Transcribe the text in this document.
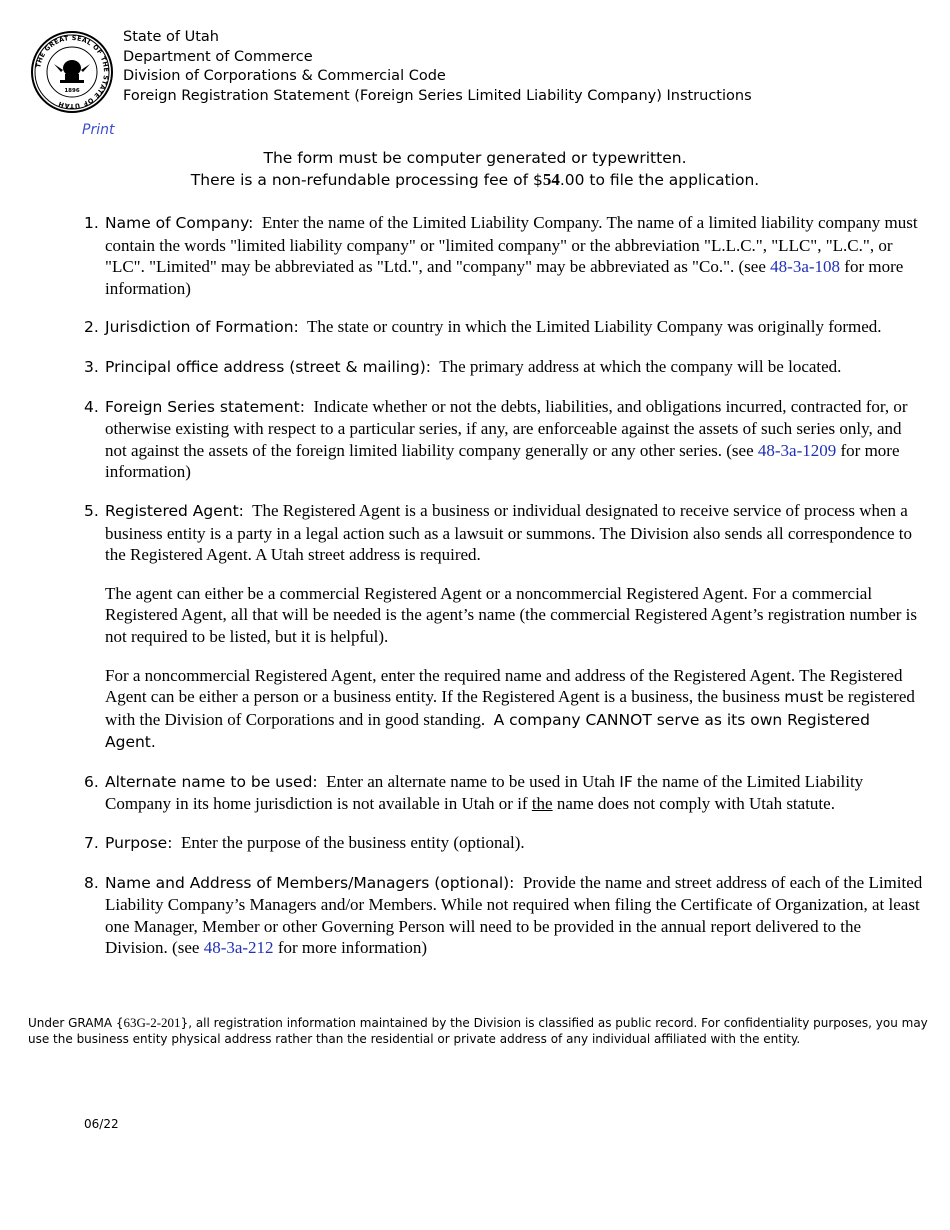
THE GREAT SEAL OF THE STATE OF UTAH
1896
State of Utah
Department of Commerce
Division of Corporations & Commercial Code
Foreign Registration Statement (Foreign Series Limited Liability Company) Instructions
Print
The form must be computer generated or typewritten.
There is a non-refundable processing fee of $54.00 to file the application.
1. Name of Company: Enter the name of the Limited Liability Company. The name of a limited liability company must contain the words "limited liability company" or "limited company" or the abbreviation "L.L.C.", "LLC", "L.C.", or "LC". "Limited" may be abbreviated as "Ltd.", and "company" may be abbreviated as "Co.". (see 48-3a-108 for more information)

2. Jurisdiction of Formation: The state or country in which the Limited Liability Company was originally formed.

3. Principal office address (street & mailing): The primary address at which the company will be located.

4. Foreign Series statement: Indicate whether or not the debts, liabilities, and obligations incurred, contracted for, or otherwise existing with respect to a particular series, if any, are enforceable against the assets of such series only, and not against the assets of the foreign limited liability company generally or any other series. (see 48-3a-1209 for more information)

5. Registered Agent: The Registered Agent is a business or individual designated to receive service of process when a business entity is a party in a legal action such as a lawsuit or summons. The Division also sends all correspondence to the Registered Agent. A Utah street address is required.

The agent can either be a commercial Registered Agent or a noncommercial Registered Agent. For a commercial Registered Agent, all that will be needed is the agent’s name (the commercial Registered Agent’s registration number is not required to be listed, but it is helpful).

For a noncommercial Registered Agent, enter the required name and address of the Registered Agent. The Registered Agent can be either a person or a business entity. If the Registered Agent is a business, the business must be registered with the Division of Corporations and in good standing. A company CANNOT serve as its own Registered Agent.

6. Alternate name to be used: Enter an alternate name to be used in Utah IF the name of the Limited Liability Company in its home jurisdiction is not available in Utah or if the name does not comply with Utah statute.

7. Purpose: Enter the purpose of the business entity (optional).

8. Name and Address of Members/Managers (optional): Provide the name and street address of each of the Limited Liability Company’s Managers and/or Members. While not required when filing the Certificate of Organization, at least one Manager, Member or other Governing Person will need to be provided in the annual report delivered to the Division. (see 48-3a-212 for more information)

Under GRAMA {63G-2-201}, all registration information maintained by the Division is classified as public record. For confidentiality purposes, you may use the business entity physical address rather than the residential or private address of any individual affiliated with the entity.
06/22
